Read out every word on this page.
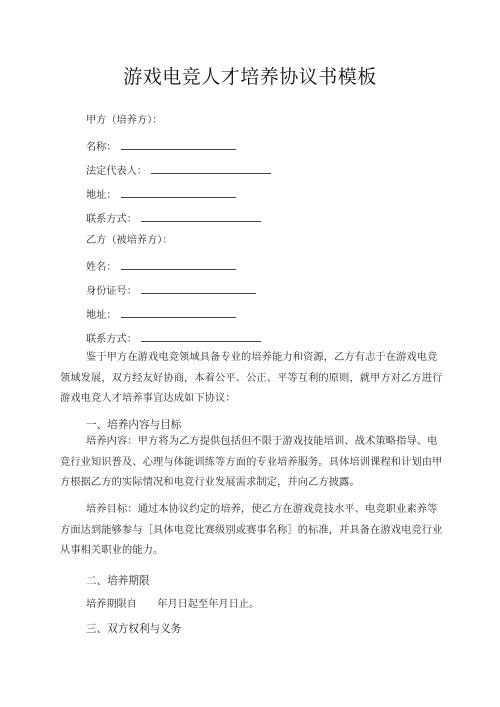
游戏电竞人才培养协议书模板
甲方（培养方）：
名称：
法定代表人：
地址：
联系方式：
乙方（被培养方）：
姓名：
身份证号：
地址：
联系方式：
鉴于甲方在游戏电竞领域具备专业的培养能力和资源，乙方有志于在游戏电竞领域发展，双方经友好协商，本着公平、公正、平等互利的原则，就甲方对乙方进行游戏电竞人才培养事宜达成如下协议：
一、培养内容与目标
培养内容：甲方将为乙方提供包括但不限于游戏技能培训、战术策略指导、电竞行业知识普及、心理与体能训练等方面的专业培养服务。具体培训课程和计划由甲方根据乙方的实际情况和电竞行业发展需求制定，并向乙方披露。
培养目标：通过本协议约定的培养，使乙方在游戏竞技水平、电竞职业素养等方面达到能够参与［具体电竞比赛级别或赛事名称］的标准，并具备在游戏电竞行业从事相关职业的能力。
二、培养期限
培养期限自　　年月日起至年月日止。
三、双方权利与义务
